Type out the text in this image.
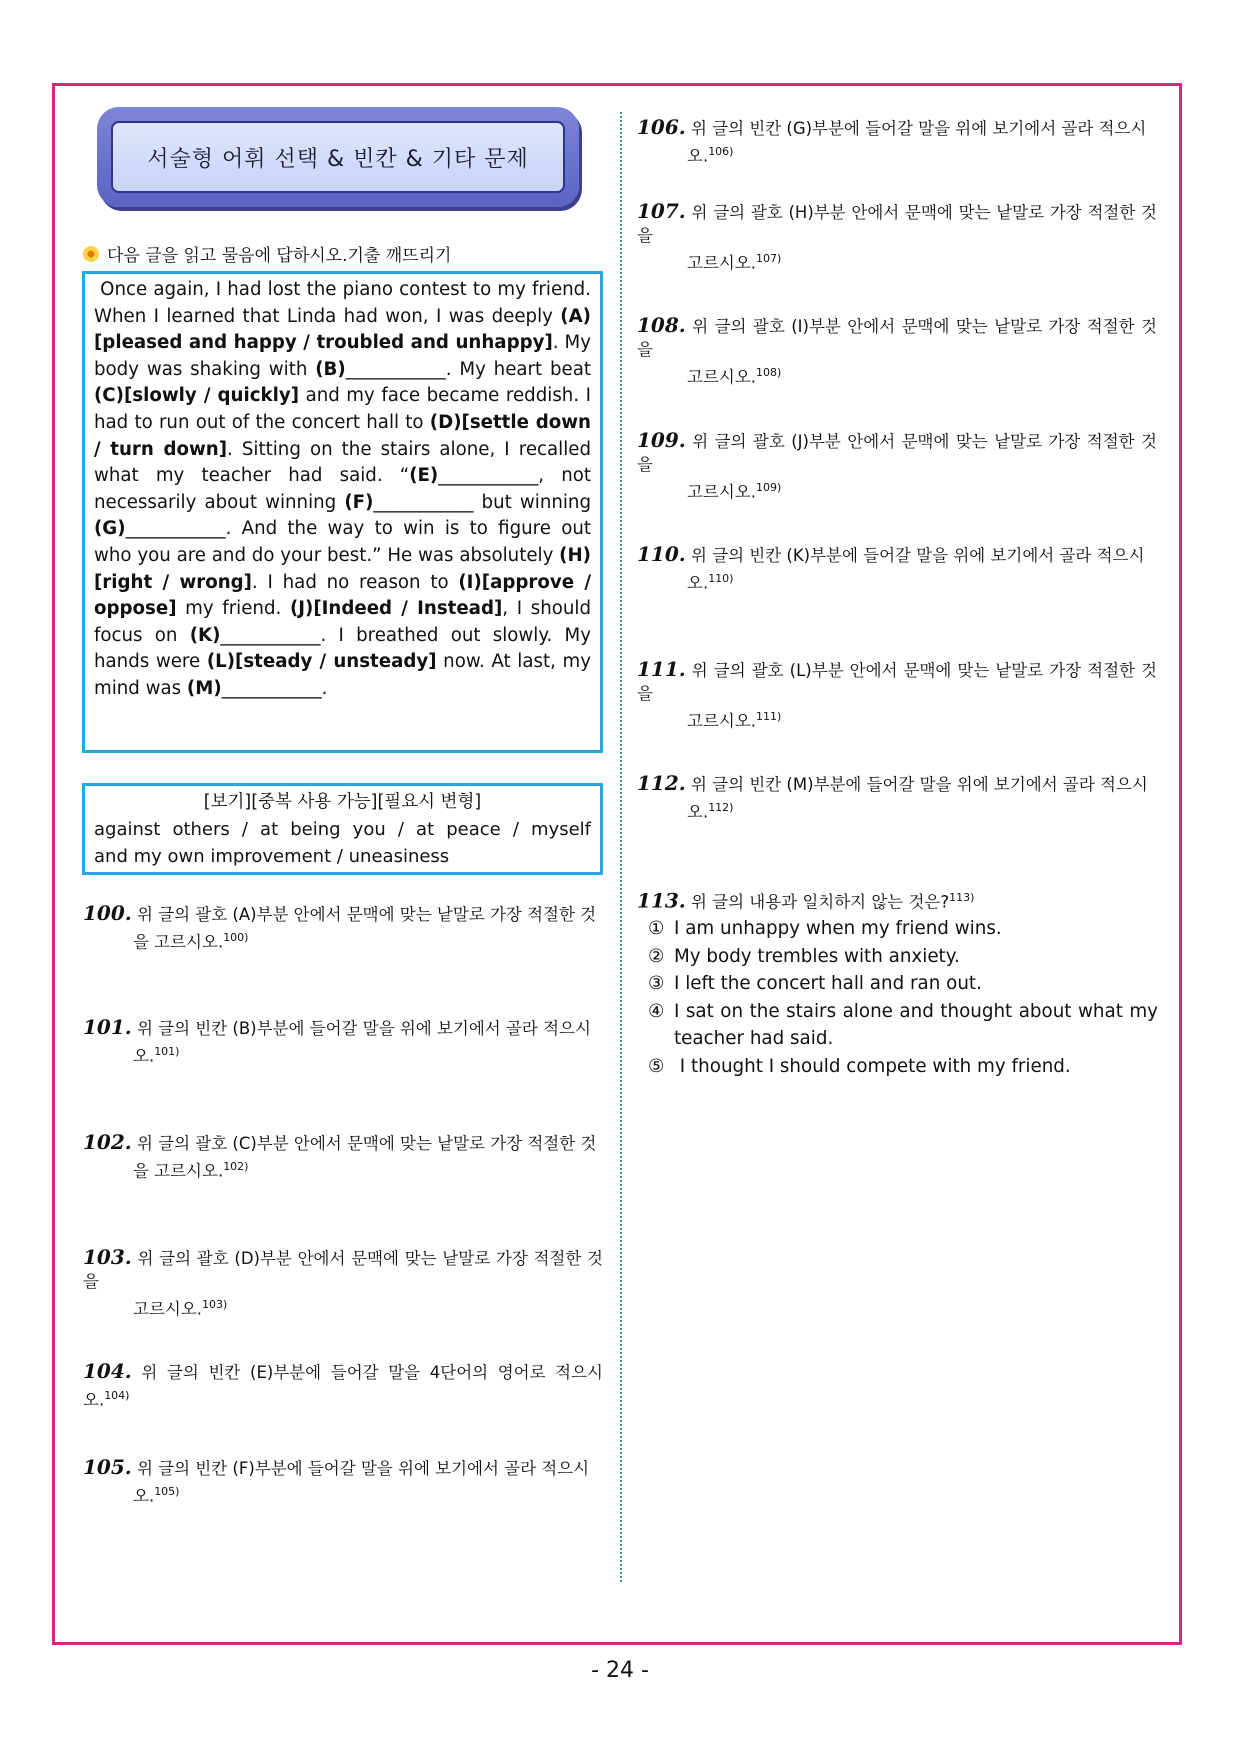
서술형 어휘 선택 & 빈칸 & 기타 문제
다음 글을 읽고 물음에 답하시오.기출 깨뜨리기
Once again, I had lost the piano contest to my friend. When I learned that Linda had won, I was deeply (A)[pleased and happy / troubled and unhappy]. My body was shaking with (B)___________. My heart beat (C)[slowly / quickly] and my face became reddish. I had to run out of the concert hall to (D)[settle down / turn down]. Sitting on the stairs alone, I recalled what my teacher had said. “(E)___________, not necessarily about winning (F)___________ but winning (G)___________. And the way to win is to figure out who you are and do your best.” He was absolutely (H)[right / wrong]. I had no reason to (I)[approve / oppose] my friend. (J)[Indeed / Instead], I should focus on (K)___________. I breathed out slowly. My hands were (L)[steady / unsteady] now. At last, my mind was (M)___________.
[보기][중복 사용 가능][필요시 변형]
against others / at being you / at peace / myself
and my own improvement / uneasiness
100. 위 글의 괄호 (A)부분 안에서 문맥에 맞는 낱말로 가장 적절한 것
을 고르시오.$^{100)}$
101. 위 글의 빈칸 (B)부분에 들어갈 말을 위에 보기에서 골라 적으시
오.$^{101)}$
102. 위 글의 괄호 (C)부분 안에서 문맥에 맞는 낱말로 가장 적절한 것
을 고르시오.$^{102)}$
103. 위 글의 괄호 (D)부분 안에서 문맥에 맞는 낱말로 가장 적절한 것을
고르시오.$^{103)}$
104. 위 글의 빈칸 (E)부분에 들어갈 말을 4단어의 영어로 적으시오.$^{104)}$
105. 위 글의 빈칸 (F)부분에 들어갈 말을 위에 보기에서 골라 적으시
오.$^{105)}$
106. 위 글의 빈칸 (G)부분에 들어갈 말을 위에 보기에서 골라 적으시
오.$^{106)}$
107. 위 글의 괄호 (H)부분 안에서 문맥에 맞는 낱말로 가장 적절한 것을
고르시오.$^{107)}$
108. 위 글의 괄호 (I)부분 안에서 문맥에 맞는 낱말로 가장 적절한 것을
고르시오.$^{108)}$
109. 위 글의 괄호 (J)부분 안에서 문맥에 맞는 낱말로 가장 적절한 것을
고르시오.$^{109)}$
110. 위 글의 빈칸 (K)부분에 들어갈 말을 위에 보기에서 골라 적으시
오.$^{110)}$
111. 위 글의 괄호 (L)부분 안에서 문맥에 맞는 낱말로 가장 적절한 것을
고르시오.$^{111)}$
112. 위 글의 빈칸 (M)부분에 들어갈 말을 위에 보기에서 골라 적으시
오.$^{112)}$
113. 위 글의 내용과 일치하지 않는 것은?$^{113)}$
① I am unhappy when my friend wins.
② My body trembles with anxiety.
③ I left the concert hall and ran out.
④ I sat on the stairs alone and thought about what my teacher had said.
⑤ I thought I should compete with my friend.
- 24 -
